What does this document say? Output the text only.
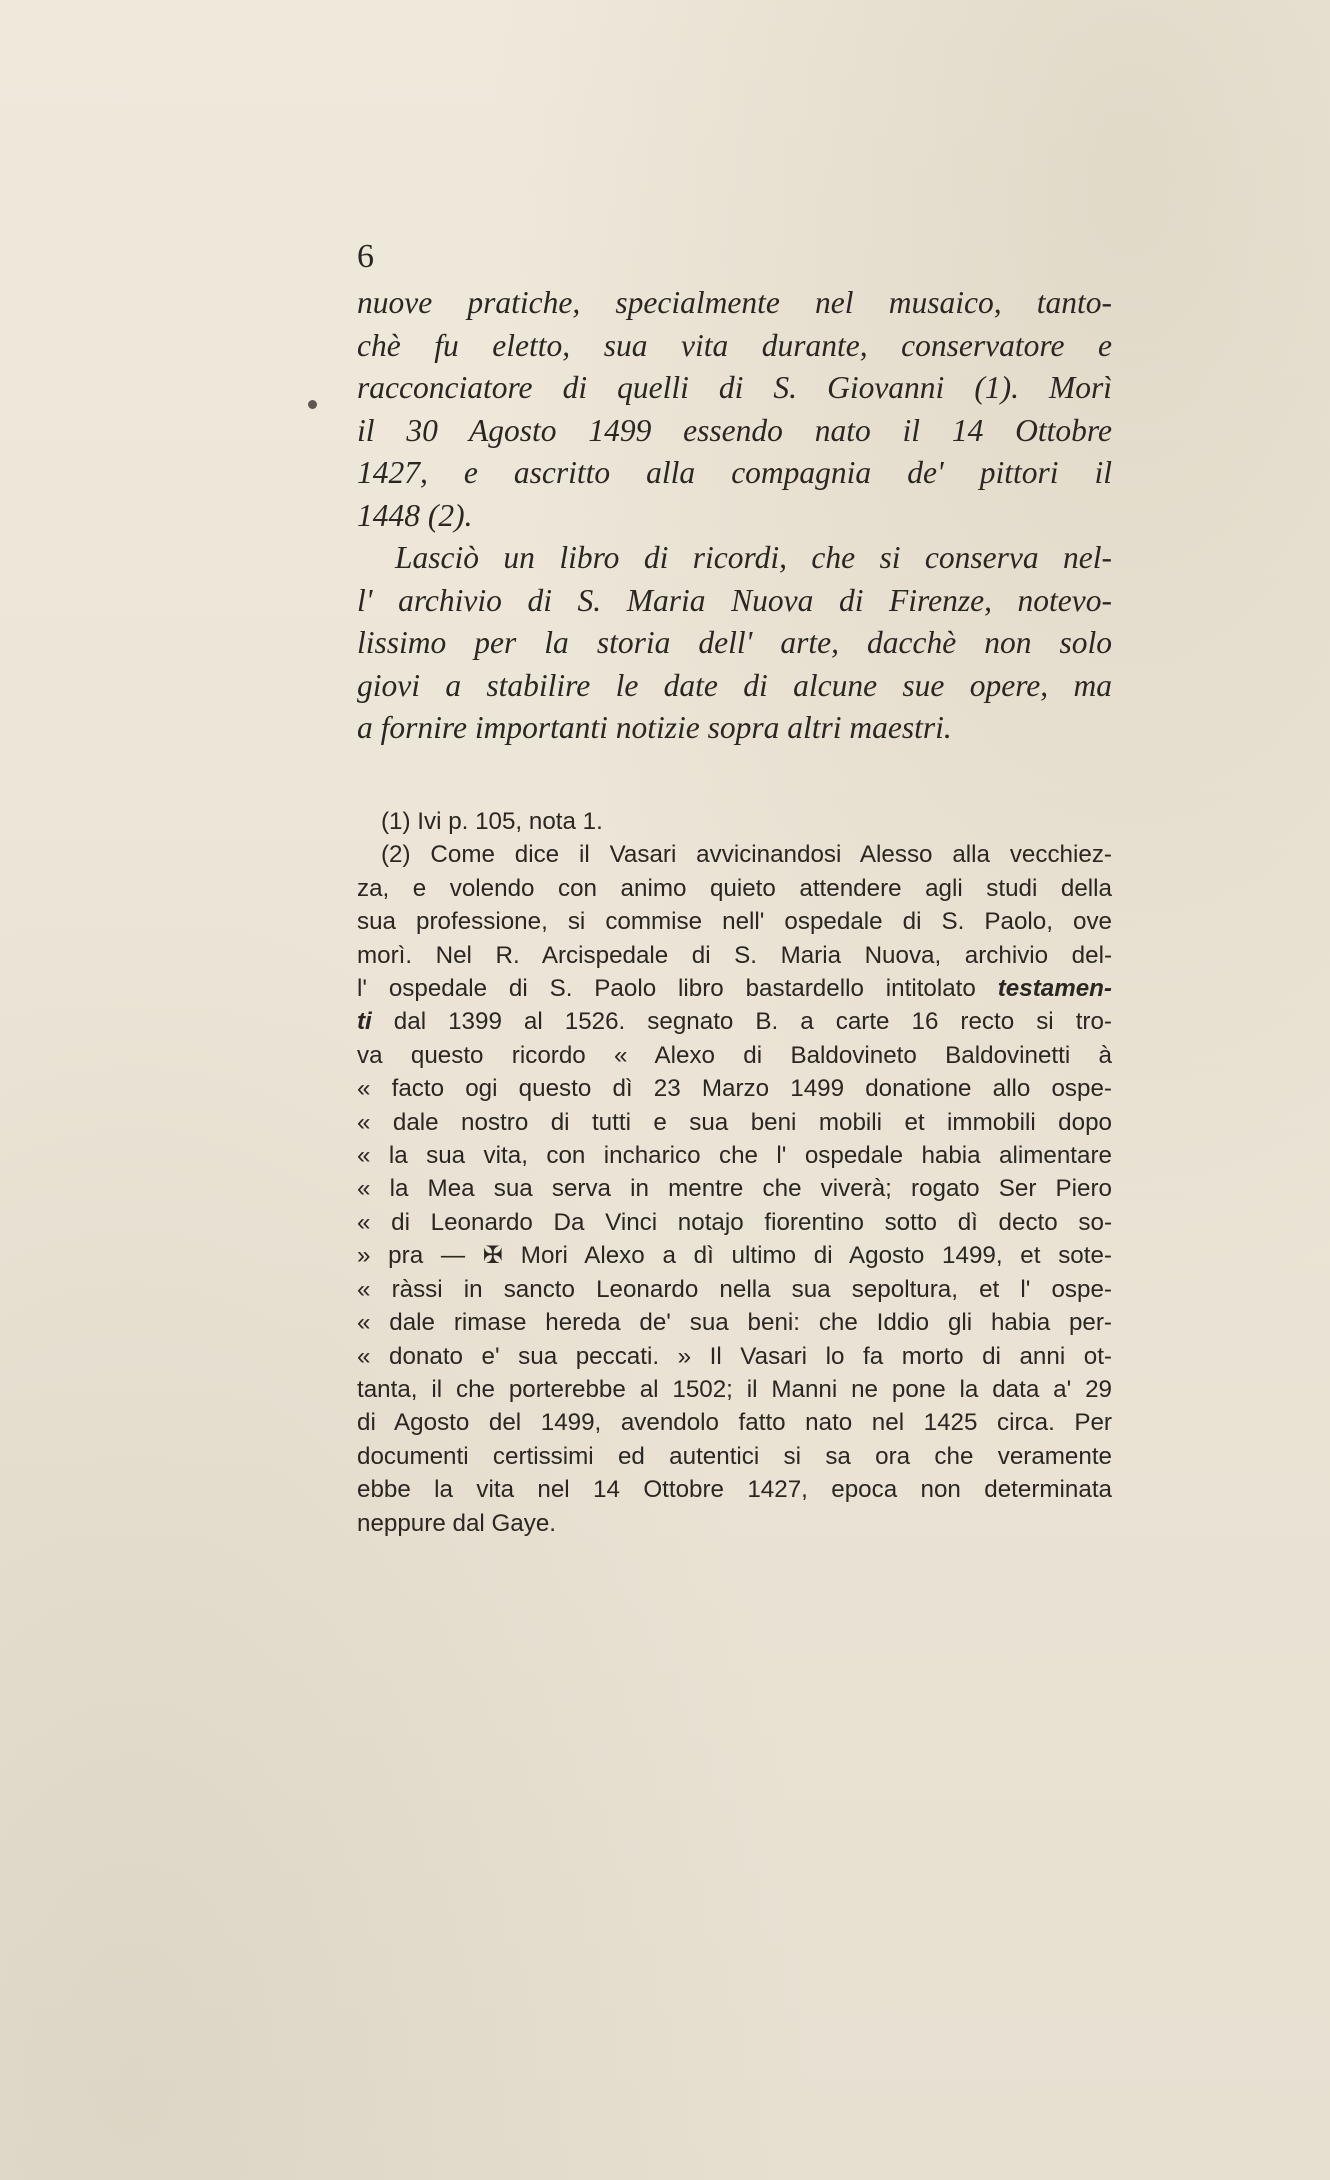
6

nuove pratiche, specialmente nel musaico, tanto-

chè fu eletto, sua vita durante, conservatore e

racconciatore di quelli di S. Giovanni (1). Morì

il 30 Agosto 1499 essendo nato il 14 Ottobre

1427, e ascritto alla compagnia de' pittori il

1448 (2).

Lasciò un libro di ricordi, che si conserva nel-

l' archivio di S. Maria Nuova di Firenze, notevo-

lissimo per la storia dell' arte, dacchè non solo

giovi a stabilire le date di alcune sue opere, ma

a fornire importanti notizie sopra altri maestri.

(1) Ivi p. 105, nota 1.

(2) Come dice il Vasari avvicinandosi Alesso alla vecchiez-

za, e volendo con animo quieto attendere agli studi della

sua professione, si commise nell' ospedale di S. Paolo, ove

morì. Nel R. Arcispedale di S. Maria Nuova, archivio del-

l' ospedale di S. Paolo libro bastardello intitolato testamen-

ti dal 1399 al 1526. segnato B. a carte 16 recto si tro-

va questo ricordo « Alexo di Baldovineto Baldovinetti à

« facto ogi questo dì 23 Marzo 1499 donatione allo ospe-

« dale nostro di tutti e sua beni mobili et immobili dopo

« la sua vita, con incharico che l' ospedale habia alimentare

« la Mea sua serva in mentre che viverà; rogato Ser Piero

« di Leonardo Da Vinci notajo fiorentino sotto dì decto so-

» pra — ✠ Mori Alexo a dì ultimo di Agosto 1499, et sote-

« ràssi in sancto Leonardo nella sua sepoltura, et l' ospe-

« dale rimase hereda de' sua beni: che Iddio gli habia per-

« donato e' sua peccati. » Il Vasari lo fa morto di anni ot-

tanta, il che porterebbe al 1502; il Manni ne pone la data a' 29

di Agosto del 1499, avendolo fatto nato nel 1425 circa. Per

documenti certissimi ed autentici si sa ora che veramente

ebbe la vita nel 14 Ottobre 1427, epoca non determinata

neppure dal Gaye.
